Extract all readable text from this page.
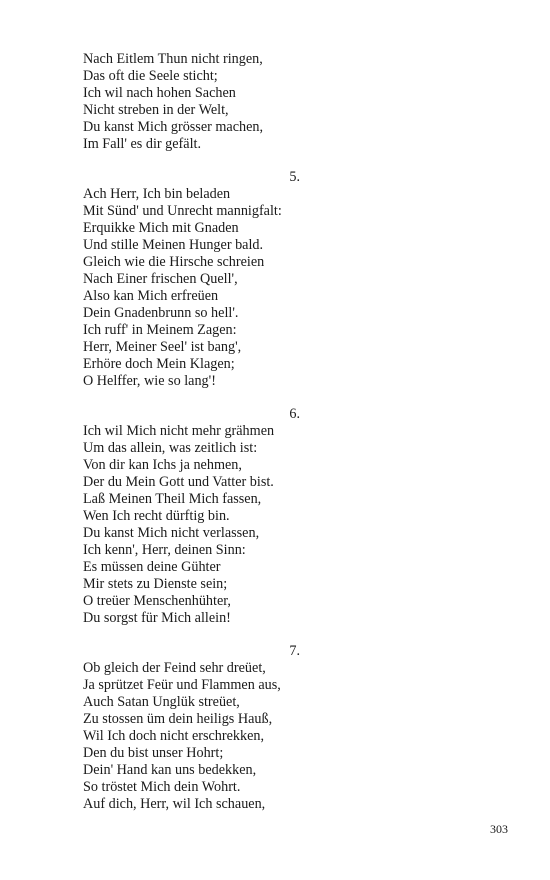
Nach Eitlem Thun nicht ringen,
Das oft die Seele sticht;
Ich wil nach hohen Sachen
Nicht streben in der Welt,
Du kanst Mich grösser machen,
Im Fall' es dir gefält.
5.
Ach Herr, Ich bin beladen
Mit Sünd' und Unrecht mannigfalt:
Erquikke Mich mit Gnaden
Und stille Meinen Hunger bald.
Gleich wie die Hirsche schreien
Nach Einer frischen Quell',
Also kan Mich erfreüen
Dein Gnadenbrunn so hell'.
Ich ruff' in Meinem Zagen:
Herr, Meiner Seel' ist bang',
Erhöre doch Mein Klagen;
O Helffer, wie so lang'!
6.
Ich wil Mich nicht mehr grähmen
Um das allein, was zeitlich ist:
Von dir kan Ichs ja nehmen,
Der du Mein Gott und Vatter bist.
Laß Meinen Theil Mich fassen,
Wen Ich recht dürftig bin.
Du kanst Mich nicht verlassen,
Ich kenn', Herr, deinen Sinn:
Es müssen deine Gühter
Mir stets zu Dienste sein;
O treüer Menschenhühter,
Du sorgst für Mich allein!
7.
Ob gleich der Feind sehr dreüet,
Ja sprützet Feür und Flammen aus,
Auch Satan Unglük streüet,
Zu stossen üm dein heiligs Hauß,
Wil Ich doch nicht erschrekken,
Den du bist unser Hohrt;
Dein' Hand kan uns bedekken,
So tröstet Mich dein Wohrt.
Auf dich, Herr, wil Ich schauen,
303
